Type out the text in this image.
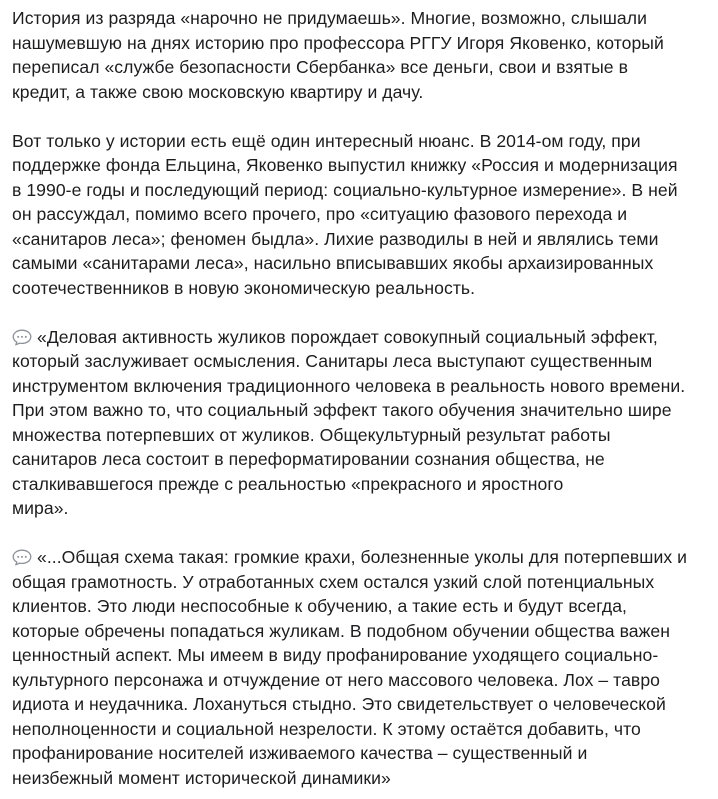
История из разряда «нарочно не придумаешь». Многие, возможно, слышали
нашумевшую на днях историю про профессора РГГУ Игоря Яковенко, который
переписал «службе безопасности Сбербанка» все деньги, свои и взятые в
кредит, а также свою московскую квартиру и дачу.
Вот только у истории есть ещё один интересный нюанс. В 2014-ом году, при
поддержке фонда Ельцина, Яковенко выпустил книжку «Россия и модернизация
в 1990-е годы и последующий период: социально-культурное измерение». В ней
он рассуждал, помимо всего прочего, про «ситуацию фазового перехода и
«санитаров леса»; феномен быдла». Лихие разводилы в ней и являлись теми
самыми «санитарами леса», насильно вписывавших якобы архаизированных
соотечественников в новую экономическую реальность.
«Деловая активность жуликов порождает совокупный социальный эффект,
который заслуживает осмысления. Санитары леса выступают существенным
инструментом включения традиционного человека в реальность нового времени.
При этом важно то, что социальный эффект такого обучения значительно шире
множества потерпевших от жуликов. Общекультурный результат работы
санитаров леса состоит в переформатировании сознания общества, не
сталкивавшегося прежде с реальностью «прекрасного и яростного
мира».
«...Общая схема такая: громкие крахи, болезненные уколы для потерпевших и
общая грамотность. У отработанных схем остался узкий слой потенциальных
клиентов. Это люди неспособные к обучению, а такие есть и будут всегда,
которые обречены попадаться жуликам. В подобном обучении общества важен
ценностный аспект. Мы имеем в виду профанирование уходящего социально-
культурного персонажа и отчуждение от него массового человека. Лох – тавро
идиота и неудачника. Лохануться стыдно. Это свидетельствует о человеческой
неполноценности и социальной незрелости. К этому остаётся добавить, что
профанирование носителей изживаемого качества – существенный и
неизбежный момент исторической динамики»
